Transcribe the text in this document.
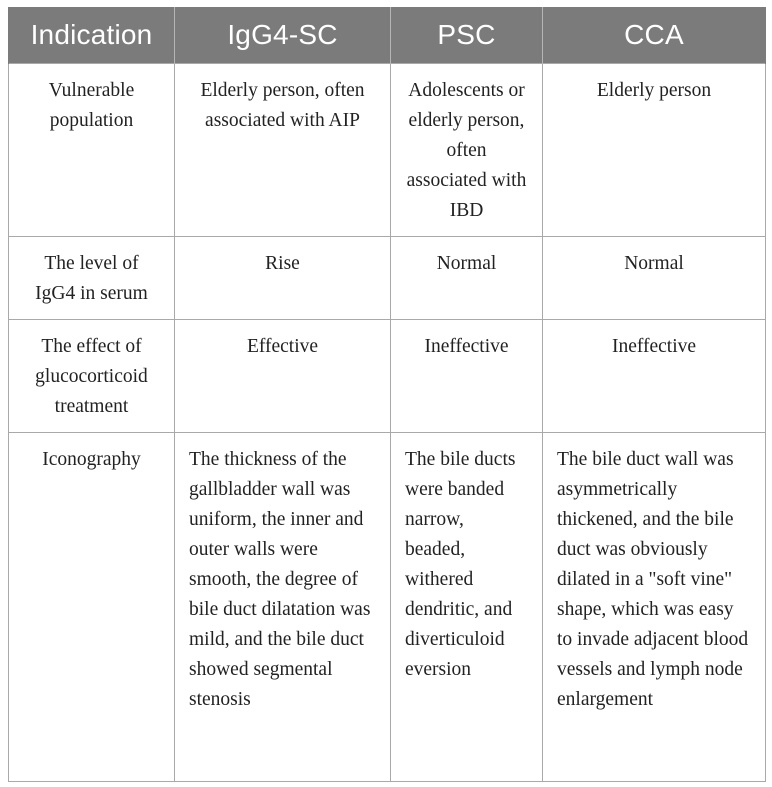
Indication	IgG4-SC	PSC	CCA
Vulnerable population	Elderly person, often associated with AIP	Adolescents or elderly person, often associated with IBD	Elderly person
The level of IgG4 in serum	Rise	Normal	Normal
The effect of glucocorticoid treatment	Effective	Ineffective	Ineffective
Iconography	The thickness of the gallbladder wall was uniform, the inner and outer walls were smooth, the degree of bile duct dilatation was mild, and the bile duct showed segmental stenosis	The bile ducts were banded narrow, beaded, withered dendritic, and diverticuloid eversion	The bile duct wall was asymmetrically thickened, and the bile duct was obviously dilated in a "soft vine" shape, which was easy to invade adjacent blood vessels and lymph node enlargement
